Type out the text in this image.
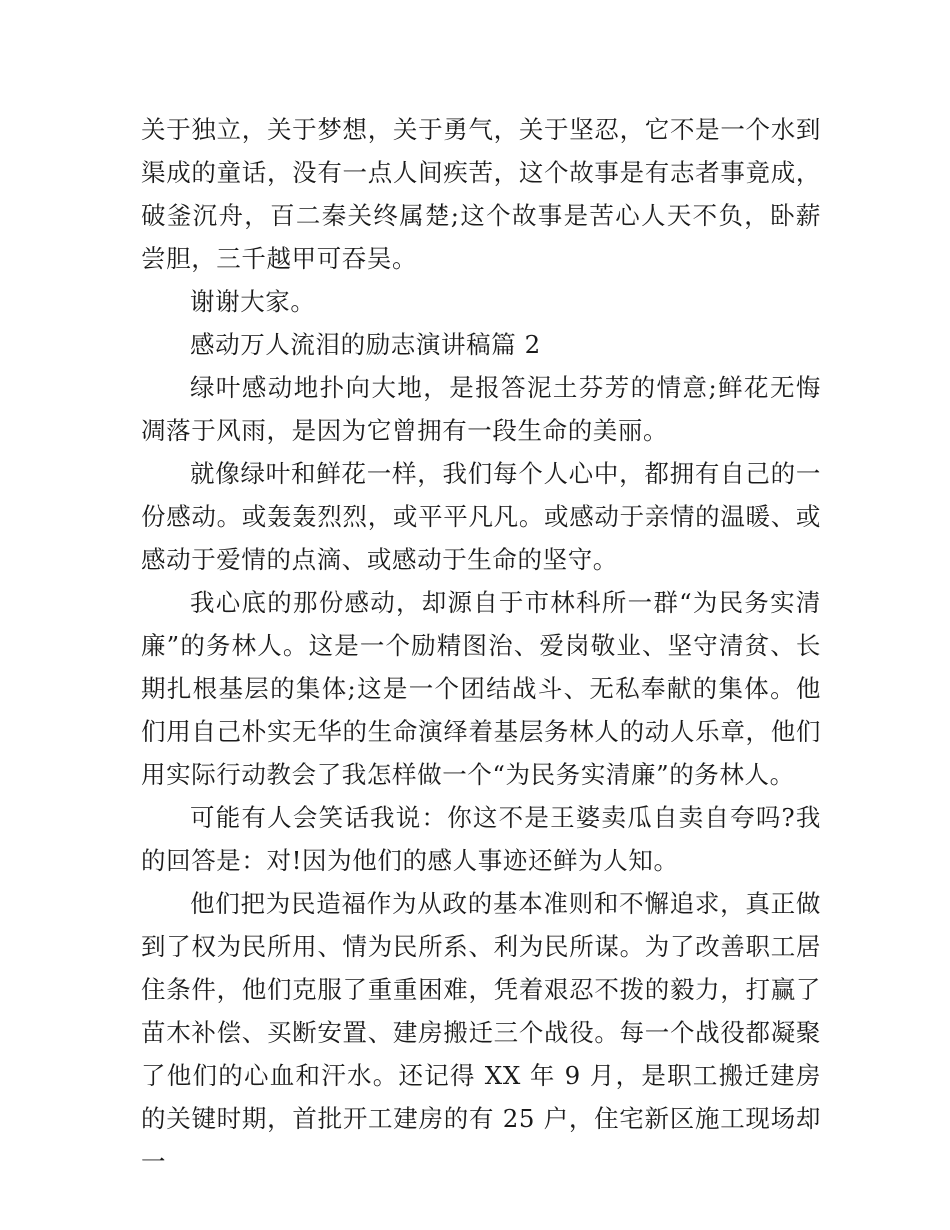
关于独立，关于梦想，关于勇气，关于坚忍，它不是一个水到渠成的童话，没有一点人间疾苦，这个故事是有志者事竟成，破釜沉舟，百二秦关终属楚;这个故事是苦心人天不负，卧薪尝胆，三千越甲可吞吴。

谢谢大家。

感动万人流泪的励志演讲稿篇 2

绿叶感动地扑向大地，是报答泥土芬芳的情意;鲜花无悔凋落于风雨，是因为它曾拥有一段生命的美丽。

就像绿叶和鲜花一样，我们每个人心中，都拥有自己的一份感动。或轰轰烈烈，或平平凡凡。或感动于亲情的温暖、或感动于爱情的点滴、或感动于生命的坚守。

我心底的那份感动，却源自于市林科所一群“为民务实清廉”的务林人。这是一个励精图治、爱岗敬业、坚守清贫、长期扎根基层的集体;这是一个团结战斗、无私奉献的集体。他们用自己朴实无华的生命演绎着基层务林人的动人乐章，他们用实际行动教会了我怎样做一个“为民务实清廉”的务林人。

可能有人会笑话我说：你这不是王婆卖瓜自卖自夸吗?我的回答是：对!因为他们的感人事迹还鲜为人知。

他们把为民造福作为从政的基本准则和不懈追求，真正做到了权为民所用、情为民所系、利为民所谋。为了改善职工居住条件，他们克服了重重困难，凭着艰忍不拨的毅力，打赢了苗木补偿、买断安置、建房搬迁三个战役。每一个战役都凝聚了他们的心血和汗水。还记得 XX 年 9 月，是职工搬迁建房的关键时期，首批开工建房的有 25 户，住宅新区施工现场却一
